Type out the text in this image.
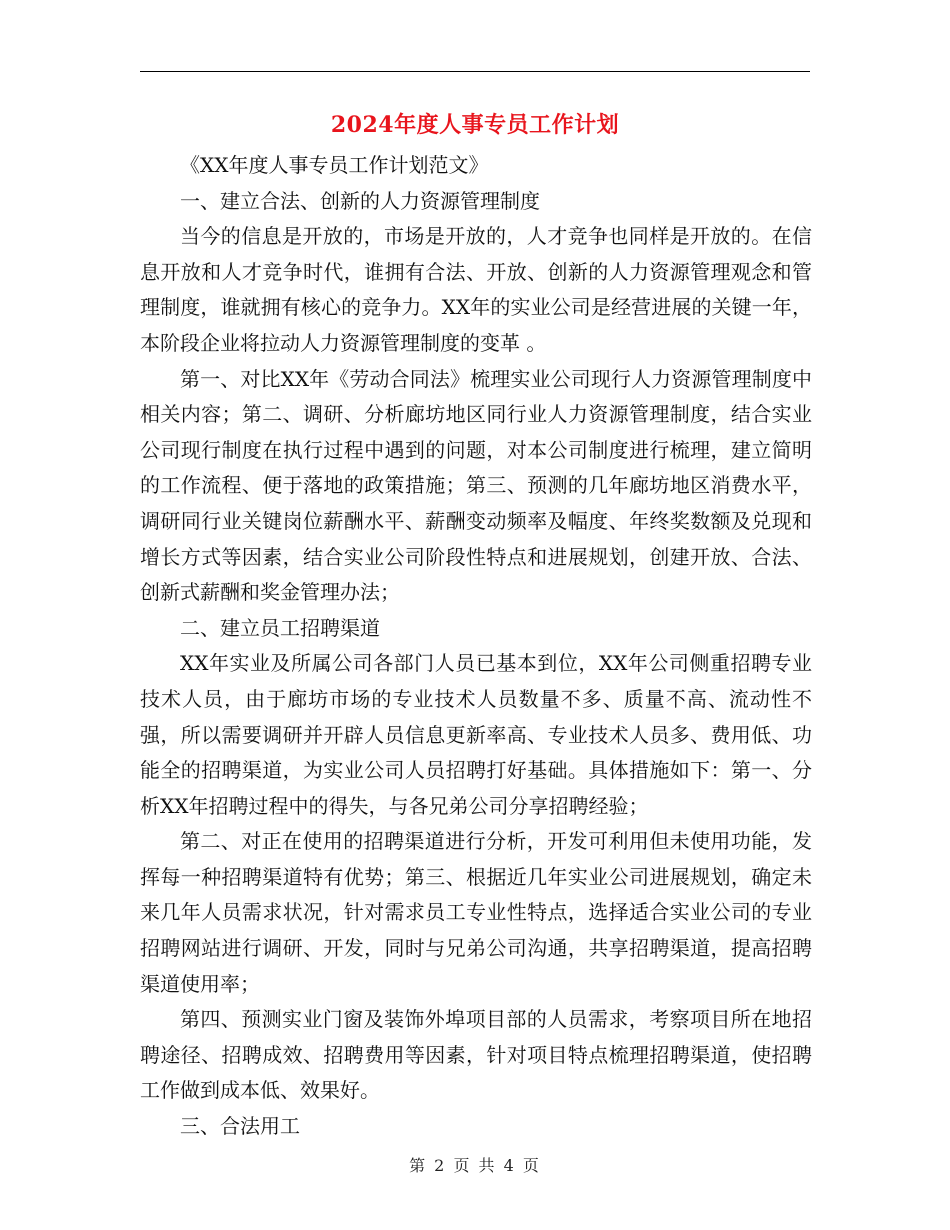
2024年度人事专员工作计划

《XX年度人事专员工作计划范文》

一、建立合法、创新的人力资源管理制度

当今的信息是开放的，市场是开放的，人才竞争也同样是开放的。在信息开放和人才竞争时代，谁拥有合法、开放、创新的人力资源管理观念和管理制度，谁就拥有核心的竞争力。XX年的实业公司是经营进展的关键一年，本阶段企业将拉动人力资源管理制度的变革 。

第一、对比XX年《劳动合同法》梳理实业公司现行人力资源管理制度中相关内容；第二、调研、分析廊坊地区同行业人力资源管理制度，结合实业公司现行制度在执行过程中遇到的问题，对本公司制度进行梳理，建立简明的工作流程、便于落地的政策措施；第三、预测的几年廊坊地区消费水平，调研同行业关键岗位薪酬水平、薪酬变动频率及幅度、年终奖数额及兑现和增长方式等因素，结合实业公司阶段性特点和进展规划，创建开放、合法、创新式薪酬和奖金管理办法；

二、建立员工招聘渠道

XX年实业及所属公司各部门人员已基本到位，XX年公司侧重招聘专业技术人员，由于廊坊市场的专业技术人员数量不多、质量不高、流动性不强，所以需要调研并开辟人员信息更新率高、专业技术人员多、费用低、功能全的招聘渠道，为实业公司人员招聘打好基础。具体措施如下：第一、分析XX年招聘过程中的得失，与各兄弟公司分享招聘经验；

第二、对正在使用的招聘渠道进行分析，开发可利用但未使用功能，发挥每一种招聘渠道特有优势；第三、根据近几年实业公司进展规划，确定未来几年人员需求状况，针对需求员工专业性特点，选择适合实业公司的专业招聘网站进行调研、开发，同时与兄弟公司沟通，共享招聘渠道，提高招聘渠道使用率；

第四、预测实业门窗及装饰外埠项目部的人员需求，考察项目所在地招聘途径、招聘成效、招聘费用等因素，针对项目特点梳理招聘渠道，使招聘工作做到成本低、效果好。

三、合法用工

第 2 页 共 4 页
